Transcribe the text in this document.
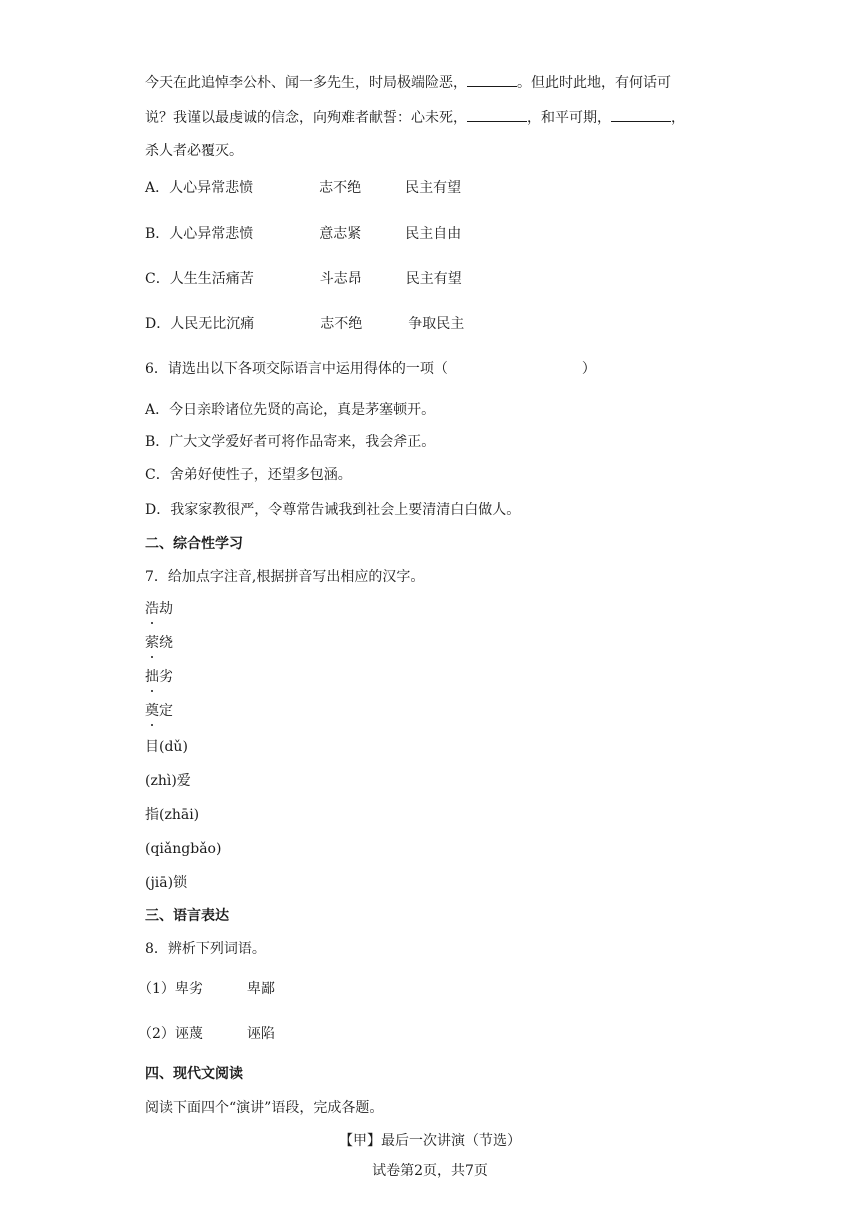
今天在此追悼李公朴、闻一多先生，时局极端险恶，	。但此时此地，有何话可
说？我谨以最虔诚的信念，向殉难者献誓：心未死，	，和平可期，	，
杀人者必覆灭。
A．人心异常悲愤	志不绝	民主有望
B．人心异常悲愤	意志紧	民主自由
C．人生生活痛苦	斗志昂	民主有望
D．人民无比沉痛	志不绝	争取民主
6．请选出以下各项交际语言中运用得体的一项（	）
A．今日亲聆诸位先贤的高论，真是茅塞顿开。
B．广大文学爱好者可将作品寄来，我会斧正。
C．舍弟好使性子，还望多包涵。
D．我家家教很严，令尊常告诫我到社会上要清清白白做人。
二、综合性学习
7．给加点字注音,根据拼音写出相应的汉字。
浩劫
萦绕
拙劣
奠定
目(dǔ)
(zhì)爱
指(zhāi)
(qiǎngbǎo)
(jiā)锁
三、语言表达
8．辨析下列词语。
（1）卑劣	卑鄙
（2）诬蔑	诬陷
四、现代文阅读
阅读下面四个“演讲”语段，完成各题。
【甲】最后一次讲演（节选）
试卷第2页，共7页
